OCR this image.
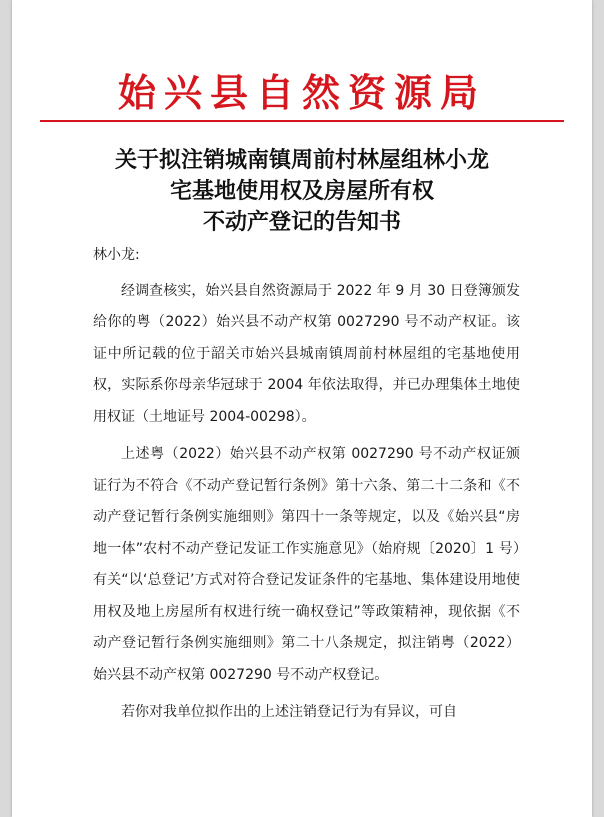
始兴县自然资源局
关于拟注销城南镇周前村林屋组林小龙
宅基地使用权及房屋所有权
不动产登记的告知书

林小龙:

经调查核实，始兴县自然资源局于 2022 年 9 月 30 日登簿颁发给你的粤（2022）始兴县不动产权第 0027290 号不动产权证。该证中所记载的位于韶关市始兴县城南镇周前村林屋组的宅基地使用权，实际系你母亲华冠球于 2004 年依法取得，并已办理集体土地使用权证（土地证号 2004-00298）。

上述粤（2022）始兴县不动产权第 0027290 号不动产权证颁证行为不符合《不动产登记暂行条例》第十六条、第二十二条和《不动产登记暂行条例实施细则》第四十一条等规定，以及《始兴县“房地一体”农村不动产登记发证工作实施意见》（始府规〔2020〕1 号）有关“以‘总登记’方式对符合登记发证条件的宅基地、集体建设用地使用权及地上房屋所有权进行统一确权登记”等政策精神，现依据《不动产登记暂行条例实施细则》第二十八条规定，拟注销粤（2022）始兴县不动产权第 0027290 号不动产权登记。

若你对我单位拟作出的上述注销登记行为有异议，可自
